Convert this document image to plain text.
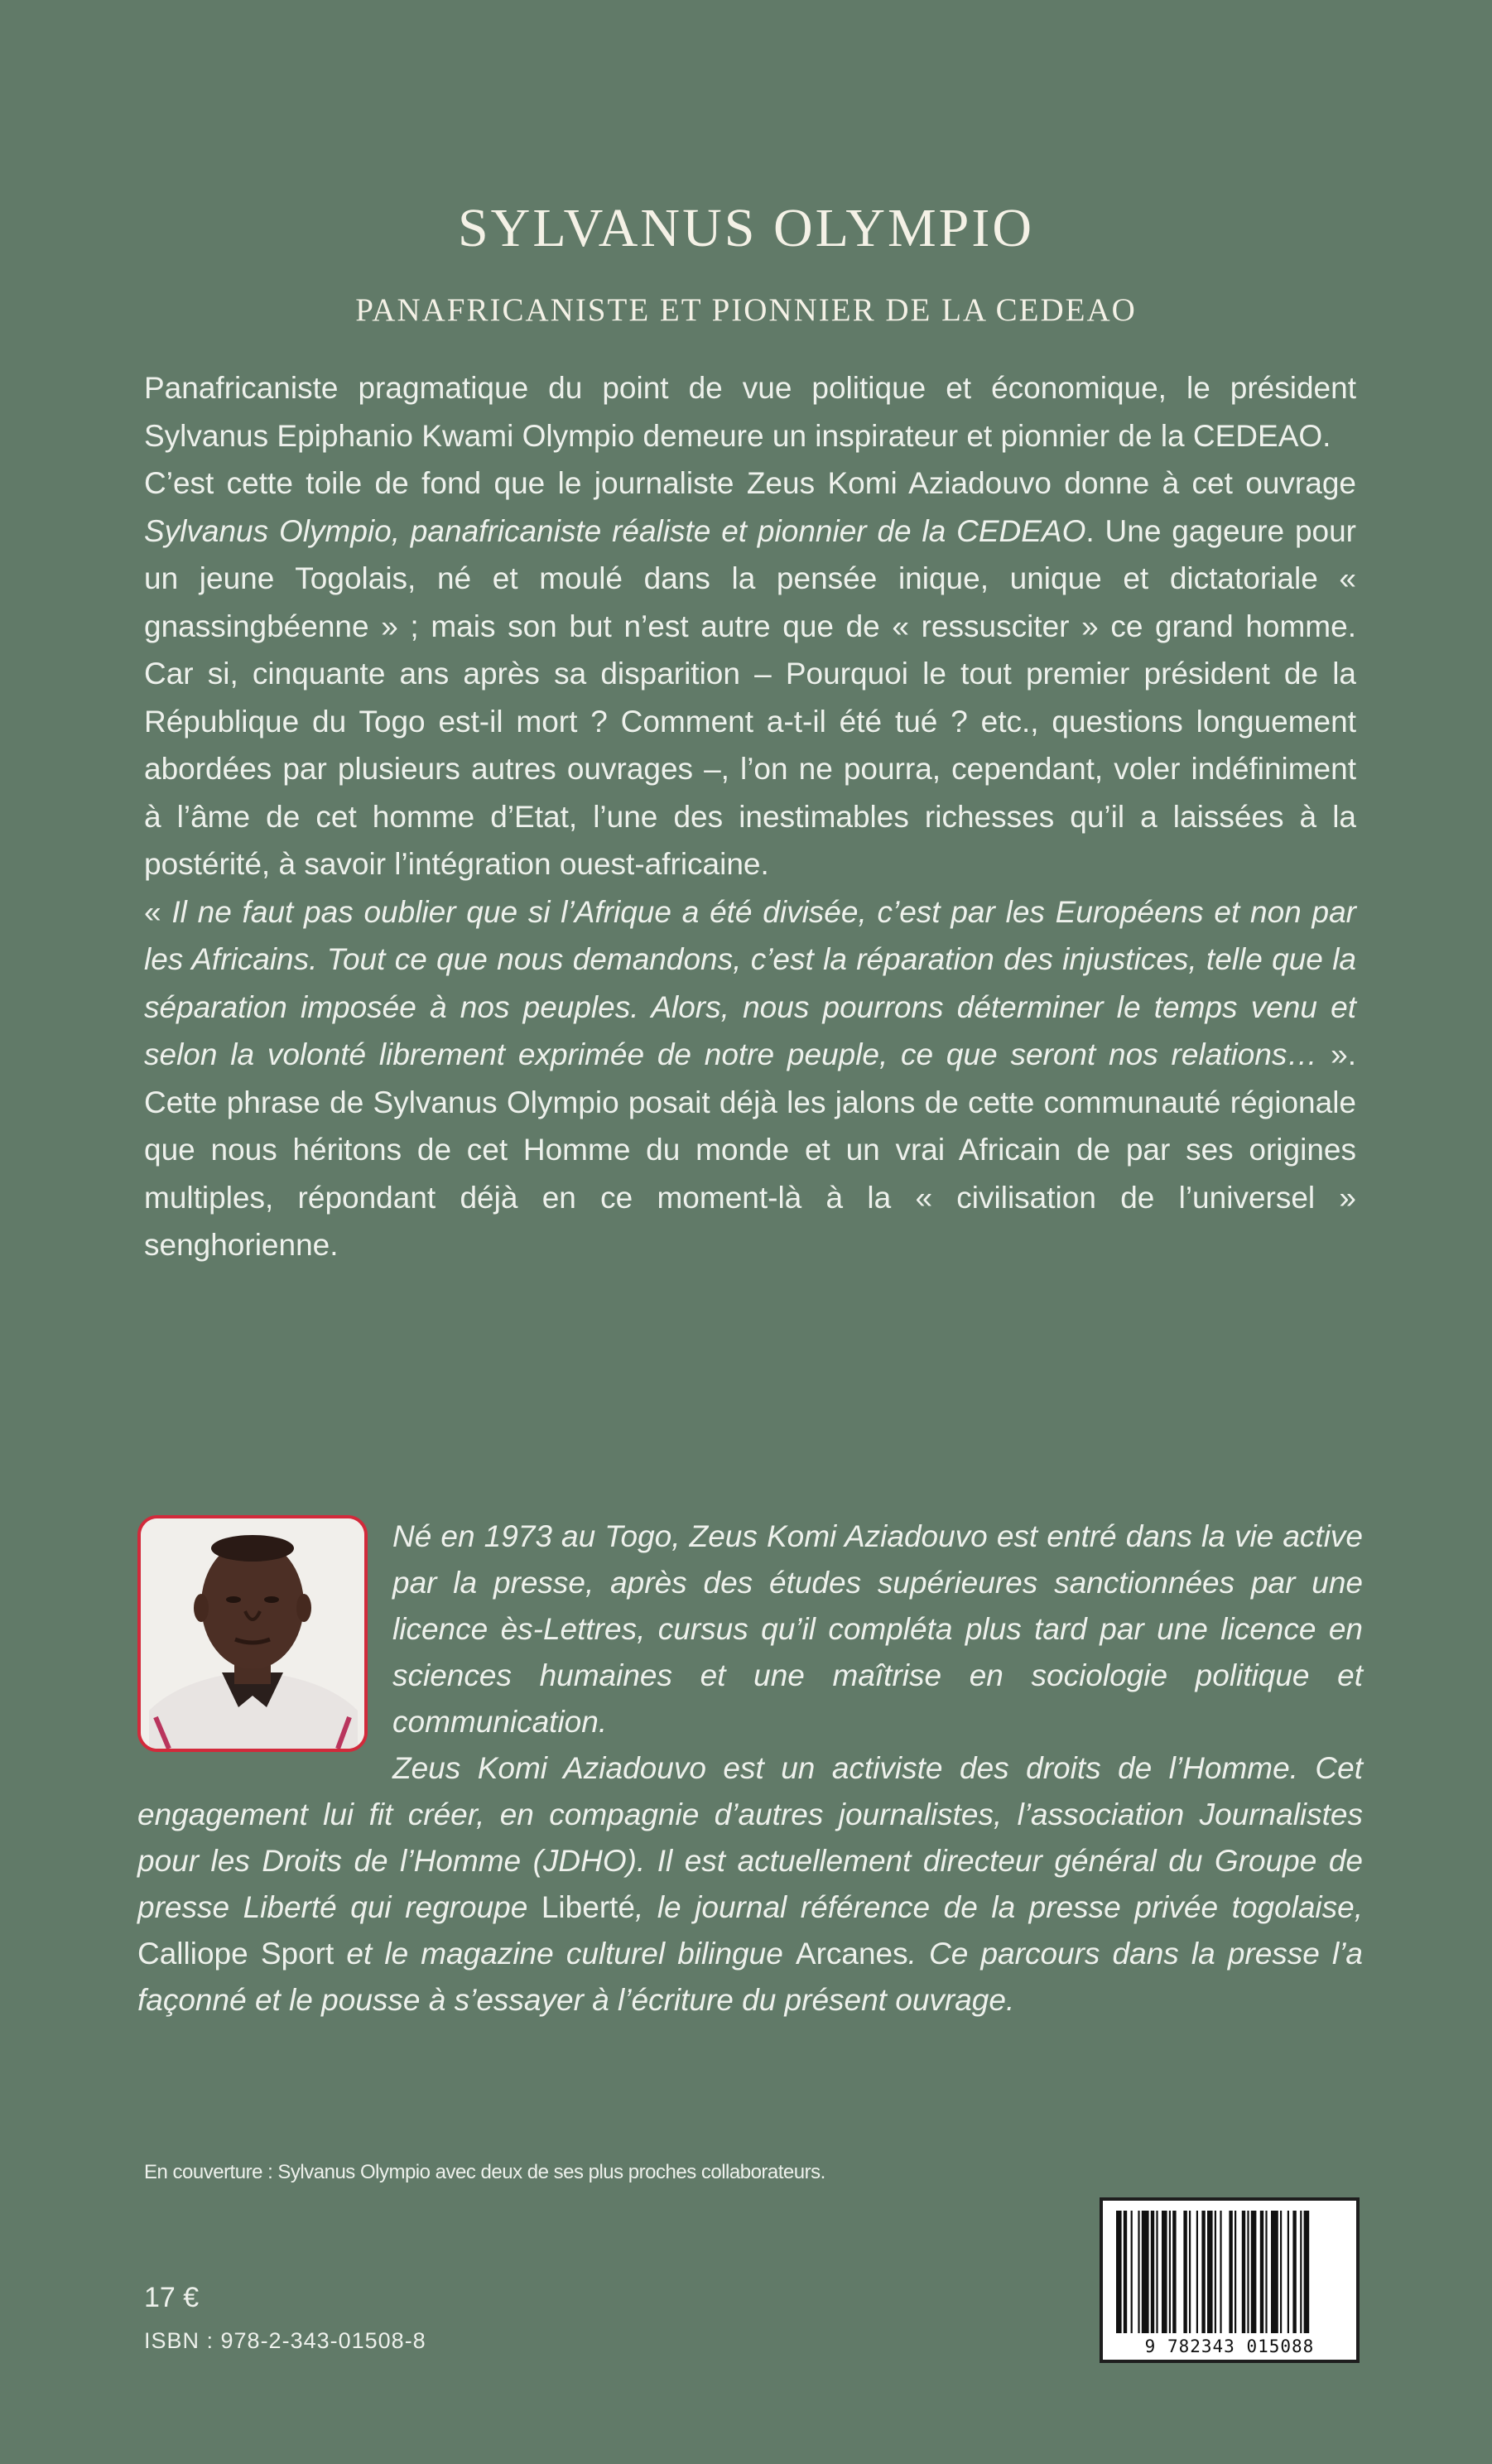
SYLVANUS OLYMPIO
PANAFRICANISTE ET PIONNIER DE LA CEDEAO

Panafricaniste pragmatique du point de vue politique et économique, le président Sylvanus Epiphanio Kwami Olympio demeure un inspirateur et pionnier de la CEDEAO.

C’est cette toile de fond que le journaliste Zeus Komi Aziadouvo donne à cet ouvrage Sylvanus Olympio, panafricaniste réaliste et pionnier de la CEDEAO. Une gageure pour un jeune Togolais, né et moulé dans la pensée inique, unique et dictatoriale « gnassingbéenne » ; mais son but n’est autre que de « ressusciter » ce grand homme. Car si, cinquante ans après sa disparition – Pourquoi le tout premier président de la République du Togo est-il mort ? Comment a-t-il été tué ? etc., questions longuement abordées par plusieurs autres ouvrages –, l’on ne pourra, cependant, voler indéfiniment à l’âme de cet homme d’Etat, l’une des inestimables richesses qu’il a laissées à la postérité, à savoir l’intégration ouest-africaine.

« Il ne faut pas oublier que si l’Afrique a été divisée, c’est par les Européens et non par les Africains. Tout ce que nous demandons, c’est la réparation des injustices, telle que la séparation imposée à nos peuples. Alors, nous pourrons déterminer le temps venu et selon la volonté librement exprimée de notre peuple, ce que seront nos relations… ». Cette phrase de Sylvanus Olympio posait déjà les jalons de cette communauté régionale que nous héritons de cet Homme du monde et un vrai Africain de par ses origines multiples, répondant déjà en ce moment-là à la « civilisation de l’universel » senghorienne.

Né en 1973 au Togo, Zeus Komi Aziadouvo est entré dans la vie active par la presse, après des études supérieures sanctionnées par une licence ès-Lettres, cursus qu’il compléta plus tard par une licence en sciences humaines et une maîtrise en sociologie politique et communication.

Zeus Komi Aziadouvo est un activiste des droits de l’Homme. Cet engagement lui fit créer, en compagnie d’autres journalistes, l’association Journalistes pour les Droits de l’Homme (JDHO). Il est actuellement directeur général du Groupe de presse Liberté qui regroupe Liberté, le journal référence de la presse privée togolaise, Calliope Sport et le magazine culturel bilingue Arcanes. Ce parcours dans la presse l’a façonné et le pousse à s’essayer à l’écriture du présent ouvrage.

En couverture : Sylvanus Olympio avec deux de ses plus proches collaborateurs.
17 €
ISBN : 978-2-343-01508-8	9 782343 015088
